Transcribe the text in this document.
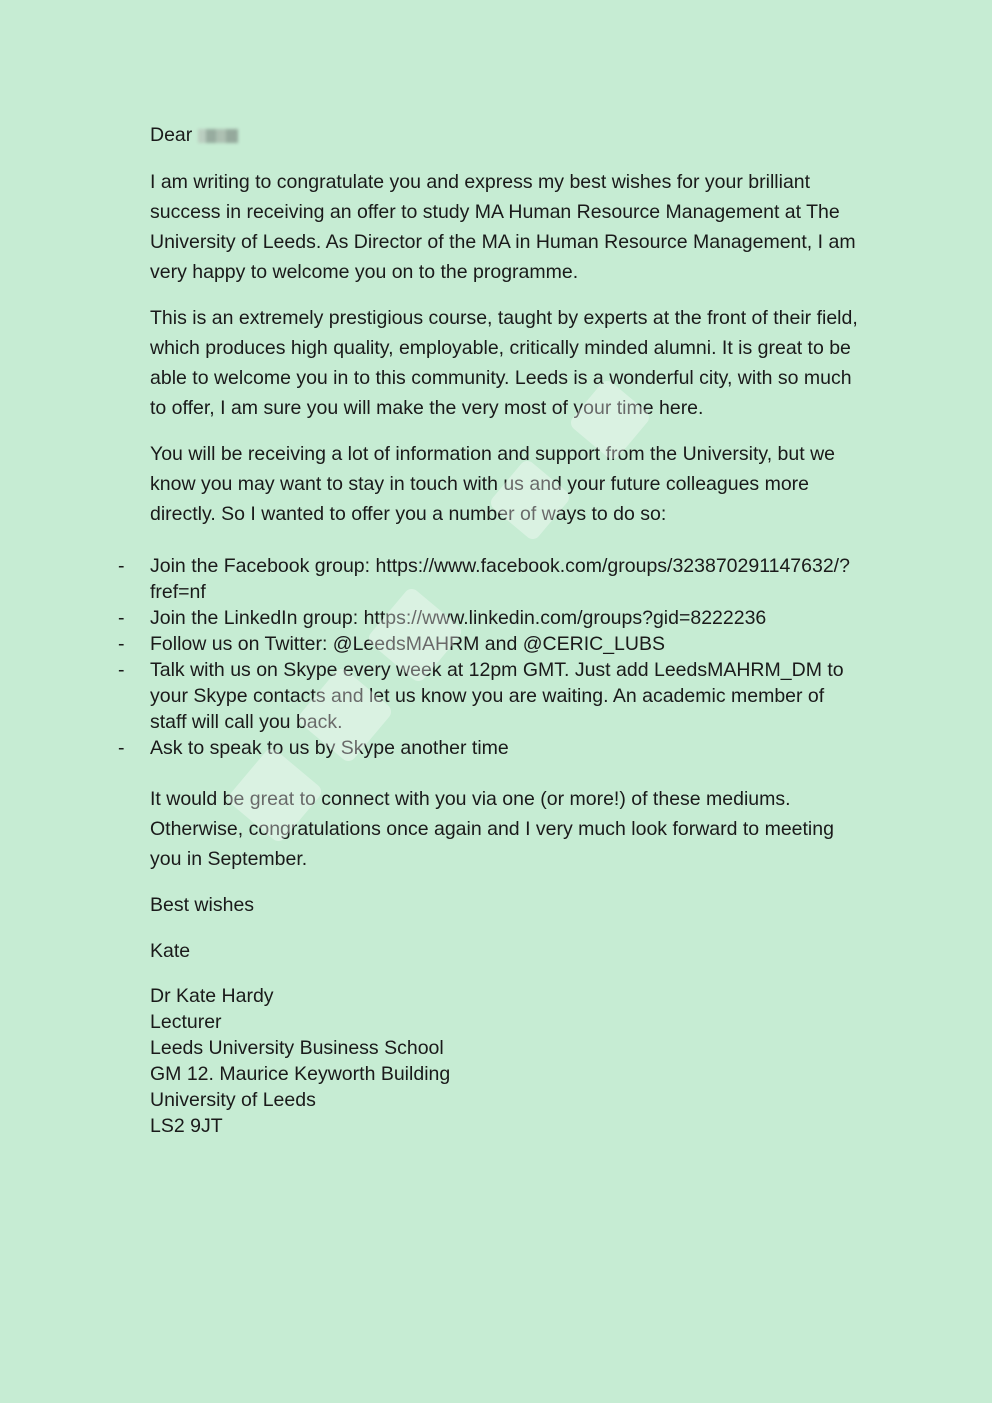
Dear

I am writing to congratulate you and express my best wishes for your brilliant success in receiving an offer to study MA Human Resource Management at The University of Leeds. As Director of the MA in Human Resource Management, I am very happy to welcome you on to the programme.

This is an extremely prestigious course, taught by experts at the front of their field, which produces high quality, employable, critically minded alumni. It is great to be able to welcome you in to this community. Leeds is a wonderful city, with so much to offer, I am sure you will make the very most of your time here.

You will be receiving a lot of information and support from the University, but we know you may want to stay in touch with us and your future colleagues more directly. So I wanted to offer you a number of ways to do so:

- Join the Facebook group: https://www.facebook.com/groups/323870291147632/?fref=nf
- Join the LinkedIn group: https://www.linkedin.com/groups?gid=8222236
- Follow us on Twitter: @LeedsMAHRM and @CERIC_LUBS
- Talk with us on Skype every week at 12pm GMT. Just add LeedsMAHRM_DM to your Skype contacts and let us know you are waiting. An academic member of staff will call you back.
- Ask to speak to us by Skype another time

It would be great to connect with you via one (or more!) of these mediums. Otherwise, congratulations once again and I very much look forward to meeting you in September.

Best wishes

Kate

Dr Kate Hardy
Lecturer
Leeds University Business School
GM 12. Maurice Keyworth Building
University of Leeds
LS2 9JT
